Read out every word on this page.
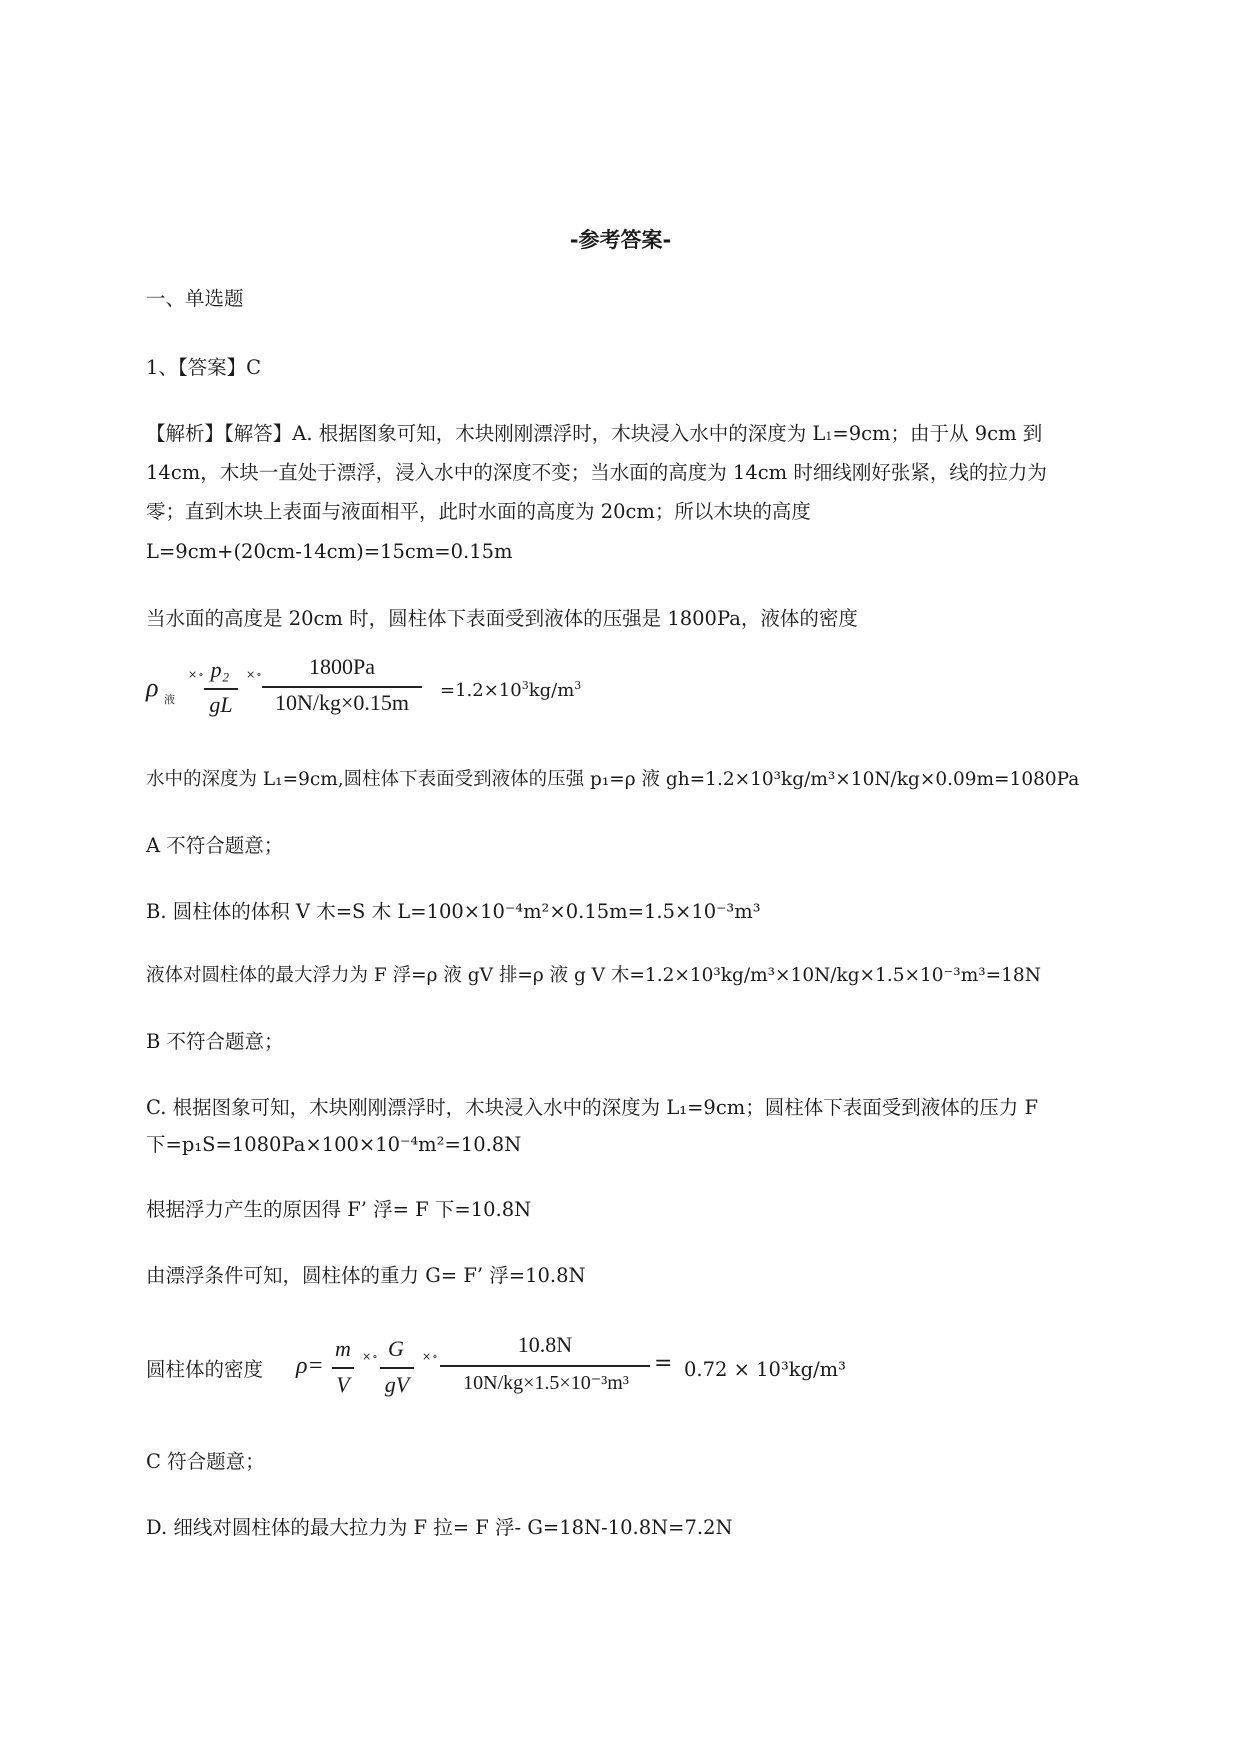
-参考答案-
一、单选题
1、【答案】C
【解析】【解答】A. 根据图象可知，木块刚刚漂浮时，木块浸入水中的深度为 L1=9cm；由于从 9cm 到
14cm，木块一直处于漂浮，浸入水中的深度不变；当水面的高度为 14cm 时细线刚好张紧，线的拉力为
零；直到木块上表面与液面相平，此时水面的高度为 20cm；所以木块的高度
L=9cm+(20cm-14cm)=15cm=0.15m
当水面的高度是 20cm 时，圆柱体下表面受到液体的压强是 1800Pa，液体的密度
ρ 液
×∘ p₂
gL
×∘	1800Pa
10N/kg×0.15m	$=1.2\times 10^3kg/m^3$
水中的深度为 L₁=9cm,圆柱体下表面受到液体的压强 p₁=ρ 液 gh=1.2×10³kg/m³×10N/kg×0.09m=1080Pa
A 不符合题意；
B. 圆柱体的体积 V 木=S 木 L=100×10⁻⁴m²×0.15m=1.5×10⁻³m³
液体对圆柱体的最大浮力为 F 浮=ρ 液 gV 排=ρ 液 g V 木=1.2×10³kg/m³×10N/kg×1.5×10⁻³m³=18N
B 不符合题意；
C. 根据图象可知，木块刚刚漂浮时，木块浸入水中的深度为 L₁=9cm；圆柱体下表面受到液体的压力 F
下=p₁S=1080Pa×100×10⁻⁴m²=10.8N
根据浮力产生的原因得 F’ 浮= F 下=10.8N
由漂浮条件可知，圆柱体的重力 G= F’ 浮=10.8N
圆柱体的密度 ρ=
m
V
×∘ G
gV
×∘	10.8N
10N/kg×1.5×10⁻³m³
= 0.72 × 10³kg/m³
C 符合题意；
D. 细线对圆柱体的最大拉力为 F 拉= F 浮- G=18N-10.8N=7.2N
